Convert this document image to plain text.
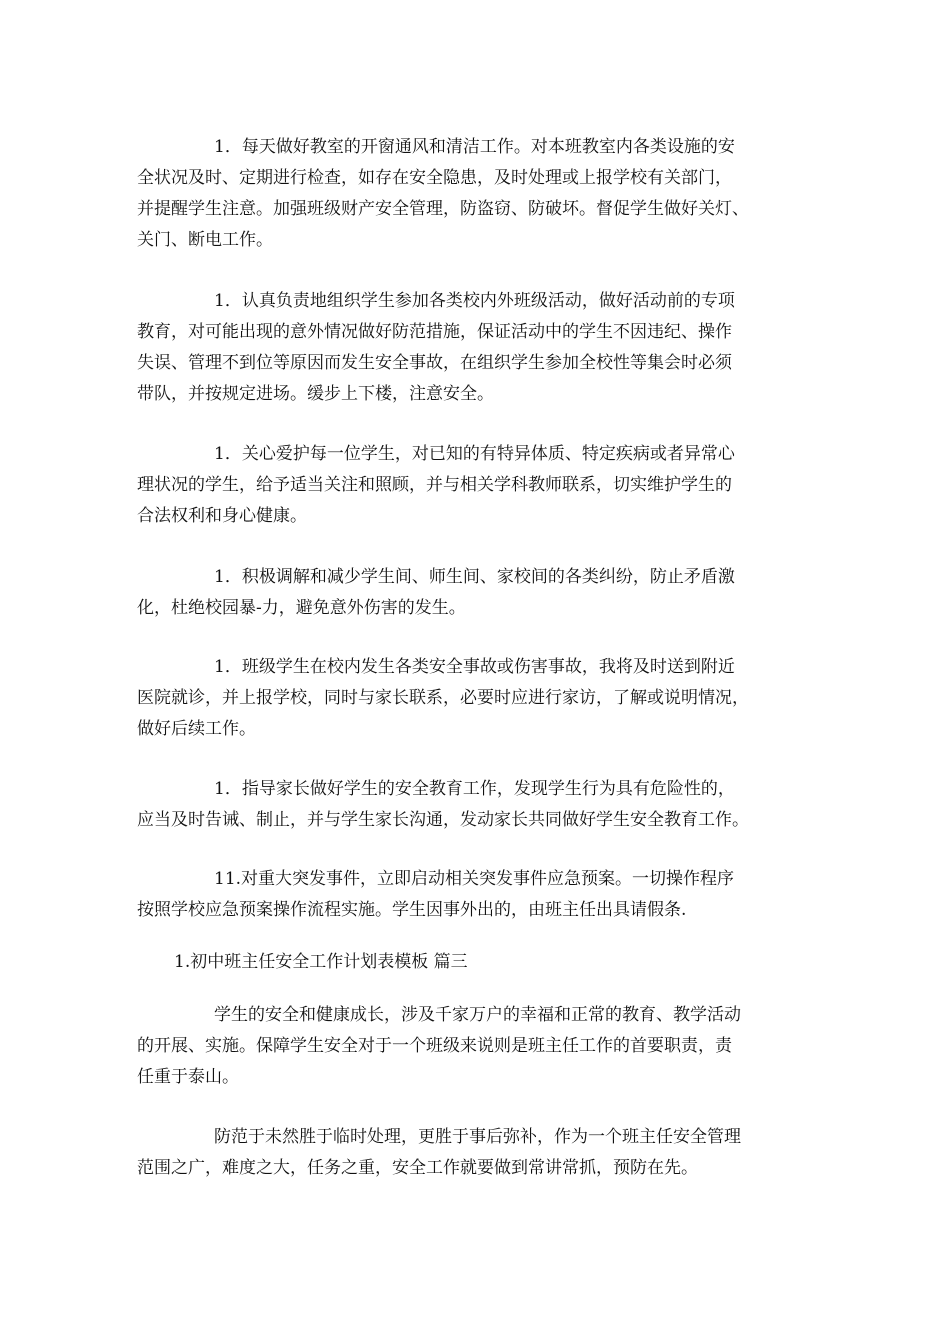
1．每天做好教室的开窗通风和清洁工作。对本班教室内各类设施的安
全状况及时、定期进行检查，如存在安全隐患，及时处理或上报学校有关部门，
并提醒学生注意。加强班级财产安全管理，防盗窃、防破坏。督促学生做好关灯、
关门、断电工作。
1．认真负责地组织学生参加各类校内外班级活动，做好活动前的专项
教育，对可能出现的意外情况做好防范措施，保证活动中的学生不因违纪、操作
失误、管理不到位等原因而发生安全事故，在组织学生参加全校性等集会时必须
带队，并按规定进场。缓步上下楼，注意安全。
1．关心爱护每一位学生，对已知的有特异体质、特定疾病或者异常心
理状况的学生，给予适当关注和照顾，并与相关学科教师联系，切实维护学生的
合法权利和身心健康。
1．积极调解和减少学生间、师生间、家校间的各类纠纷，防止矛盾激
化，杜绝校园暴-力，避免意外伤害的发生。
1．班级学生在校内发生各类安全事故或伤害事故，我将及时送到附近
医院就诊，并上报学校，同时与家长联系，必要时应进行家访，了解或说明情况，
做好后续工作。
1．指导家长做好学生的安全教育工作，发现学生行为具有危险性的，
应当及时告诫、制止，并与学生家长沟通，发动家长共同做好学生安全教育工作。
11.对重大突发事件，立即启动相关突发事件应急预案。一切操作程序
按照学校应急预案操作流程实施。学生因事外出的，由班主任出具请假条.
1.初中班主任安全工作计划表模板 篇三
学生的安全和健康成长，涉及千家万户的幸福和正常的教育、教学活动
的开展、实施。保障学生安全对于一个班级来说则是班主任工作的首要职责，责
任重于泰山。
防范于未然胜于临时处理，更胜于事后弥补，作为一个班主任安全管理
范围之广，难度之大，任务之重，安全工作就要做到常讲常抓，预防在先。
